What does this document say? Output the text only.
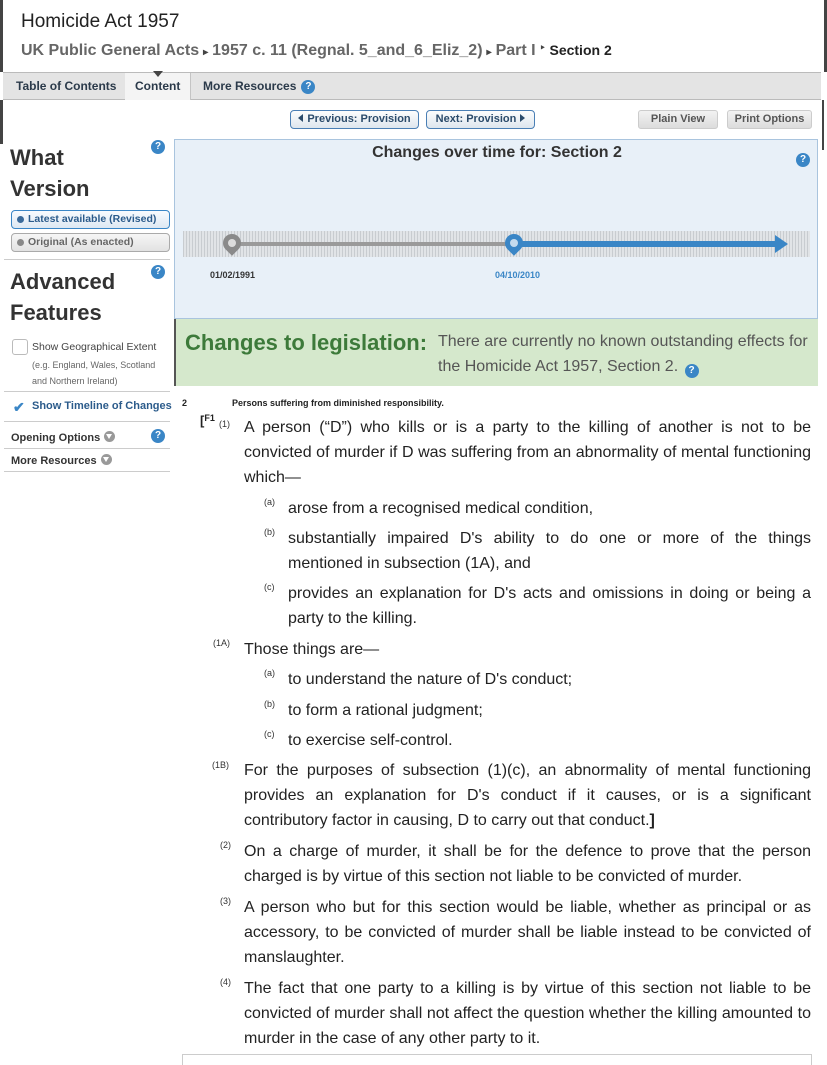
Homicide Act 1957
UK Public General Acts ▸ 1957 c. 11 (Regnal. 5_and_6_Eliz_2) ▸ Part I ‣ Section 2
Table of Contents	Content	More Resources ?
Previous: Provision	Next: Provision	Plain View	Print Options
What
Version
?
Latest available (Revised)
Original (As enacted)
Advanced
Features
?
Show Geographical Extent
(e.g. England, Wales, Scotland and Northern Ireland)
✔ Show Timeline of Changes
Opening Options	?
More Resources
Changes over time for: Section 2	?
01/02/1991	04/10/2010
Changes to legislation: There are currently no known outstanding effects for the Homicide Act 1957, Section 2. ?
2	Persons suffering from diminished responsibility.
[$^{F1}$
(1) A person (“D”) who kills or is a party to the killing of another is not to be convicted of murder if D was suffering from an abnormality of mental functioning which—
(a) arose from a recognised medical condition,
(b) substantially impaired D's ability to do one or more of the things mentioned in subsection (1A), and
(c) provides an explanation for D's acts and omissions in doing or being a party to the killing.
(1A) Those things are—
(a) to understand the nature of D's conduct;
(b) to form a rational judgment;
(c) to exercise self-control.
(1B) For the purposes of subsection (1)(c), an abnormality of mental functioning provides an explanation for D's conduct if it causes, or is a significant contributory factor in causing, D to carry out that conduct.]
(2) On a charge of murder, it shall be for the defence to prove that the person charged is by virtue of this section not liable to be convicted of murder.
(3) A person who but for this section would be liable, whether as principal or as accessory, to be convicted of murder shall be liable instead to be convicted of manslaughter.
(4) The fact that one party to a killing is by virtue of this section not liable to be convicted of murder shall not affect the question whether the killing amounted to murder in the case of any other party to it.
